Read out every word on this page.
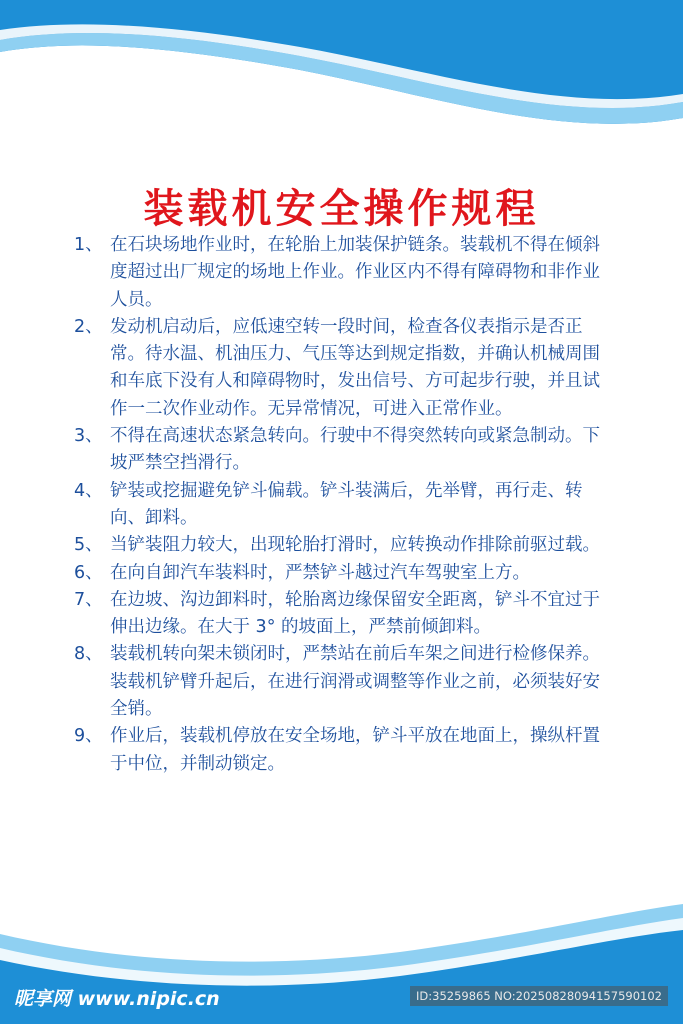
装载机安全操作规程
1、 在石块场地作业时，在轮胎上加装保护链条。装载机不得在倾斜度超过出厂规定的场地上作业。作业区内不得有障碍物和非作业人员。
2、 发动机启动后，应低速空转一段时间，检查各仪表指示是否正常。待水温、机油压力、气压等达到规定指数，并确认机械周围和车底下没有人和障碍物时，发出信号、方可起步行驶，并且试作一二次作业动作。无异常情况，可进入正常作业。
3、 不得在高速状态紧急转向。行驶中不得突然转向或紧急制动。下坡严禁空挡滑行。
4、 铲装或挖掘避免铲斗偏载。铲斗装满后，先举臂，再行走、转向、卸料。
5、 当铲装阻力较大，出现轮胎打滑时，应转换动作排除前驱过载。
6、 在向自卸汽车装料时，严禁铲斗越过汽车驾驶室上方。
7、 在边坡、沟边卸料时，轮胎离边缘保留安全距离，铲斗不宜过于伸出边缘。在大于 3° 的坡面上，严禁前倾卸料。
8、 装载机转向架未锁闭时，严禁站在前后车架之间进行检修保养。装载机铲臂升起后，在进行润滑或调整等作业之前，必须装好安全销。
9、 作业后，装载机停放在安全场地，铲斗平放在地面上，操纵杆置于中位，并制动锁定。
昵享网 www.nipic.cn	ID:35259865 NO:20250828094157590102
